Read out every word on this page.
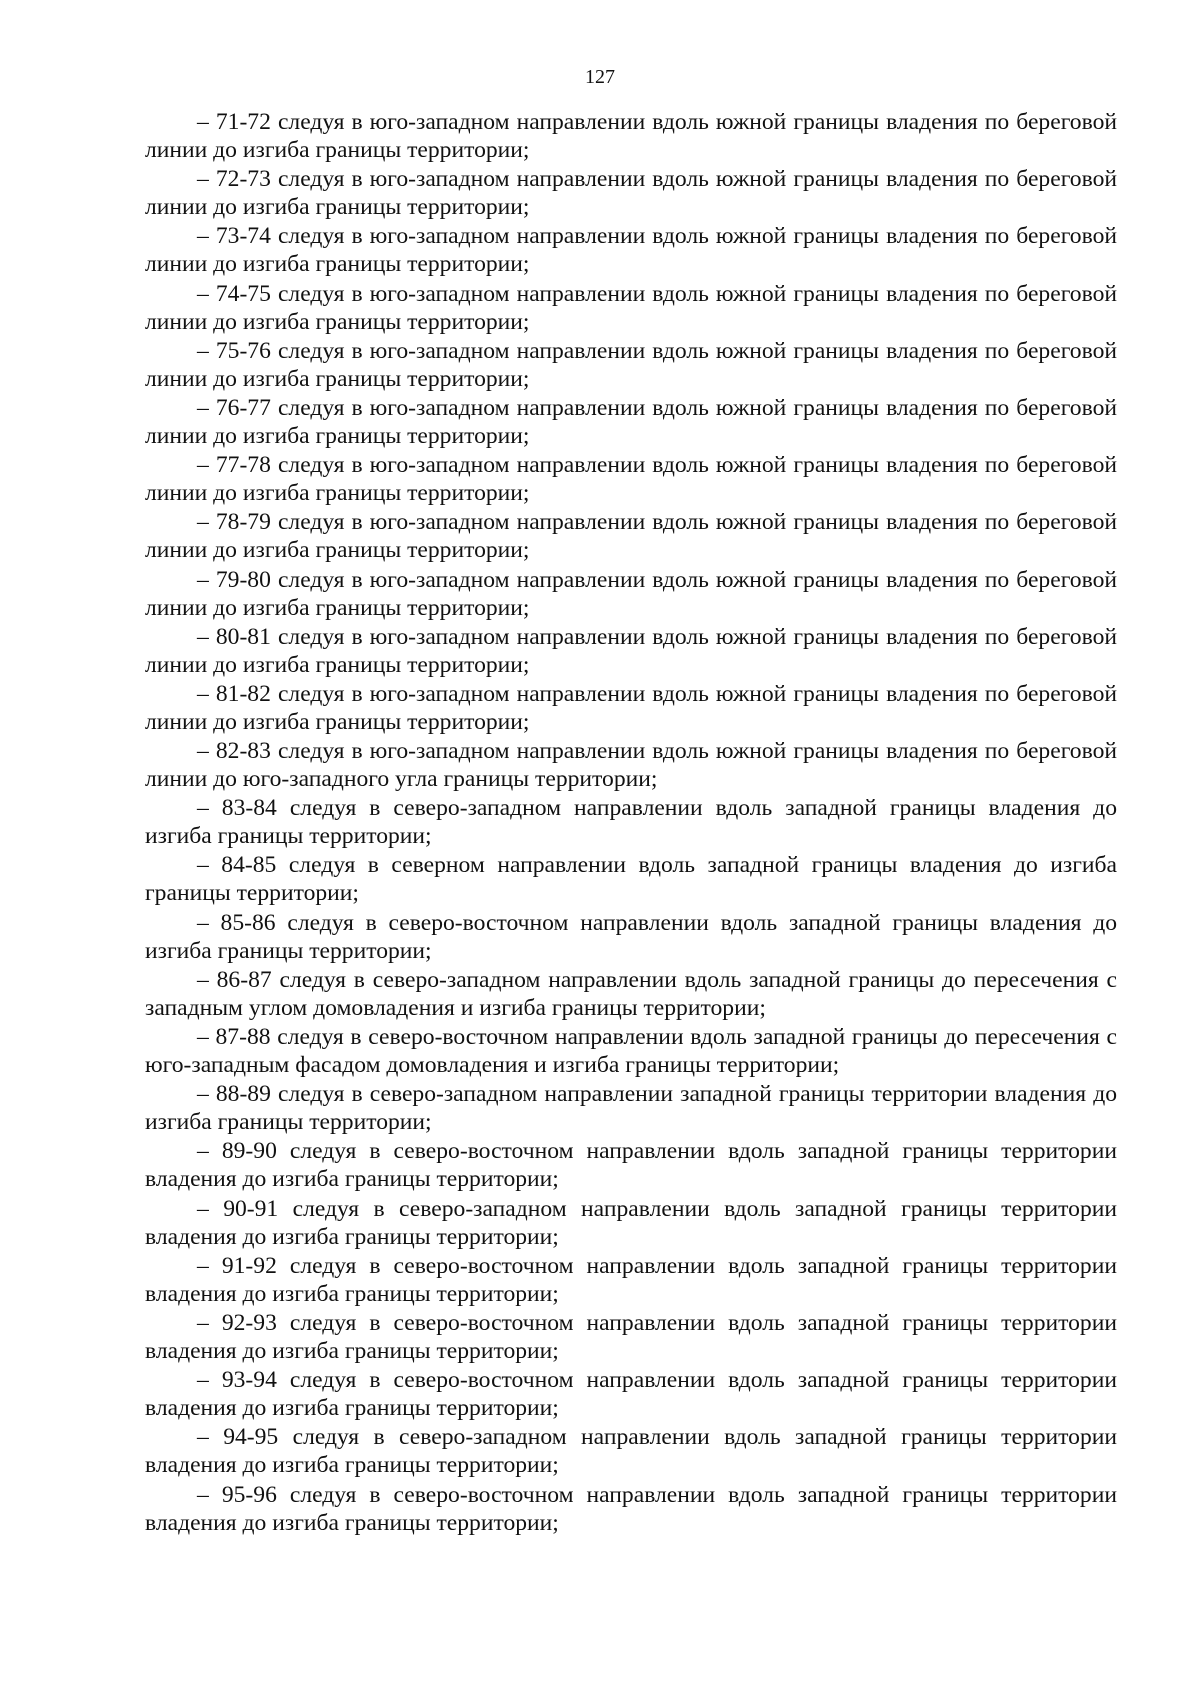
127

– 71-72 следуя в юго-западном направлении вдоль южной границы владения по береговой линии до изгиба границы территории;

– 72-73 следуя в юго-западном направлении вдоль южной границы владения по береговой линии до изгиба границы территории;

– 73-74 следуя в юго-западном направлении вдоль южной границы владения по береговой линии до изгиба границы территории;

– 74-75 следуя в юго-западном направлении вдоль южной границы владения по береговой линии до изгиба границы территории;

– 75-76 следуя в юго-западном направлении вдоль южной границы владения по береговой линии до изгиба границы территории;

– 76-77 следуя в юго-западном направлении вдоль южной границы владения по береговой линии до изгиба границы территории;

– 77-78 следуя в юго-западном направлении вдоль южной границы владения по береговой линии до изгиба границы территории;

– 78-79 следуя в юго-западном направлении вдоль южной границы владения по береговой линии до изгиба границы территории;

– 79-80 следуя в юго-западном направлении вдоль южной границы владения по береговой линии до изгиба границы территории;

– 80-81 следуя в юго-западном направлении вдоль южной границы владения по береговой линии до изгиба границы территории;

– 81-82 следуя в юго-западном направлении вдоль южной границы владения по береговой линии до изгиба границы территории;

– 82-83 следуя в юго-западном направлении вдоль южной границы владения по береговой линии до юго-западного угла границы территории;

– 83-84 следуя в северо-западном направлении вдоль западной границы владения до изгиба границы территории;

– 84-85 следуя в северном направлении вдоль западной границы владения до изгиба границы территории;

– 85-86 следуя в северо-восточном направлении вдоль западной границы владения до изгиба границы территории;

– 86-87 следуя в северо-западном направлении вдоль западной границы до пересечения с западным углом домовладения и изгиба границы территории;

– 87-88 следуя в северо-восточном направлении вдоль западной границы до пересечения с юго-западным фасадом домовладения и изгиба границы территории;

– 88-89 следуя в северо-западном направлении западной границы территории владения до изгиба границы территории;

– 89-90 следуя в северо-восточном направлении вдоль западной границы территории владения до изгиба границы территории;

– 90-91 следуя в северо-западном направлении вдоль западной границы территории владения до изгиба границы территории;

– 91-92 следуя в северо-восточном направлении вдоль западной границы территории владения до изгиба границы территории;

– 92-93 следуя в северо-восточном направлении вдоль западной границы территории владения до изгиба границы территории;

– 93-94 следуя в северо-восточном направлении вдоль западной границы территории владения до изгиба границы территории;

– 94-95 следуя в северо-западном направлении вдоль западной границы территории владения до изгиба границы территории;

– 95-96 следуя в северо-восточном направлении вдоль западной границы территории владения до изгиба границы территории;
